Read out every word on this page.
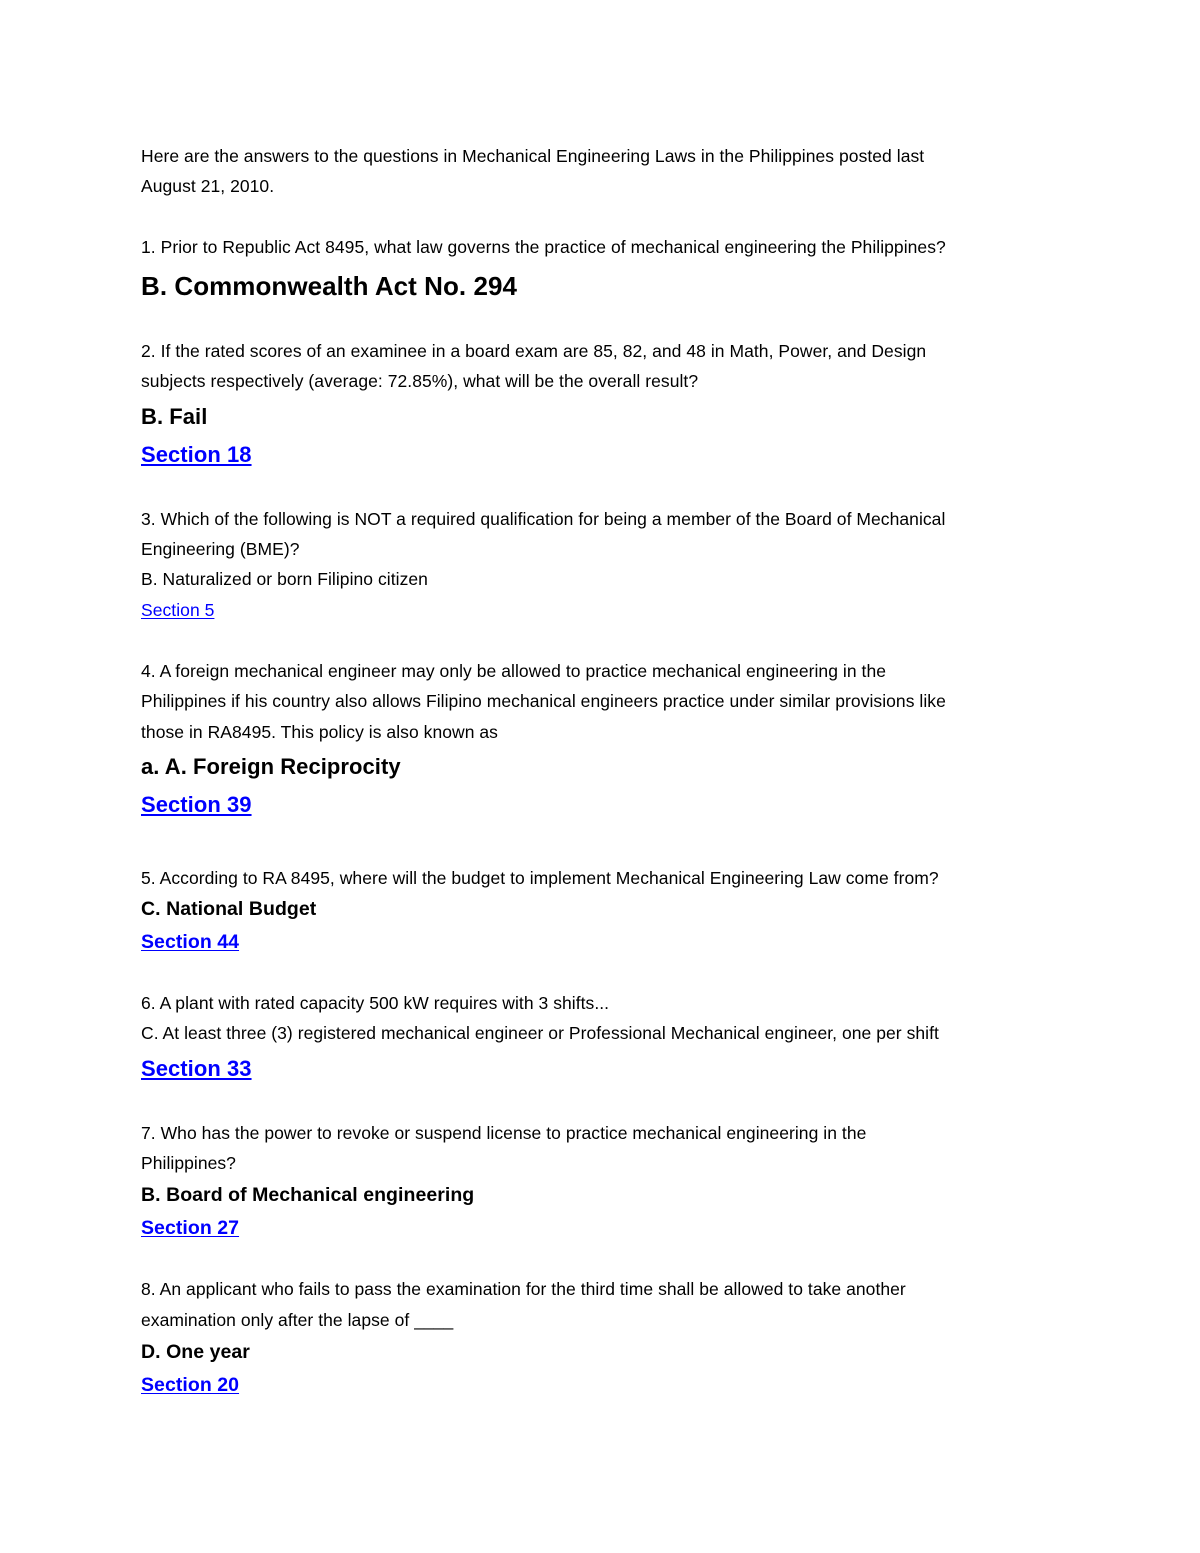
Here are the answers to the questions in Mechanical Engineering Laws in the Philippines posted last
August 21, 2010.
1. Prior to Republic Act 8495, what law governs the practice of mechanical engineering the Philippines?
B. Commonwealth Act No. 294
2. If the rated scores of an examinee in a board exam are 85, 82, and 48 in Math, Power, and Design
subjects respectively (average: 72.85%), what will be the overall result?
B. Fail
Section 18
3. Which of the following is NOT a required qualification for being a member of the Board of Mechanical
Engineering (BME)?
B. Naturalized or born Filipino citizen
Section 5
4. A foreign mechanical engineer may only be allowed to practice mechanical engineering in the
Philippines if his country also allows Filipino mechanical engineers practice under similar provisions like
those in RA8495. This policy is also known as
a. A. Foreign Reciprocity
Section 39
5. According to RA 8495, where will the budget to implement Mechanical Engineering Law come from?
C. National Budget
Section 44
6. A plant with rated capacity 500 kW requires with 3 shifts...
C. At least three (3) registered mechanical engineer or Professional Mechanical engineer, one per shift
Section 33
7. Who has the power to revoke or suspend license to practice mechanical engineering in the
Philippines?
B. Board of Mechanical engineering
Section 27
8. An applicant who fails to pass the examination for the third time shall be allowed to take another
examination only after the lapse of ____
D. One year
Section 20
